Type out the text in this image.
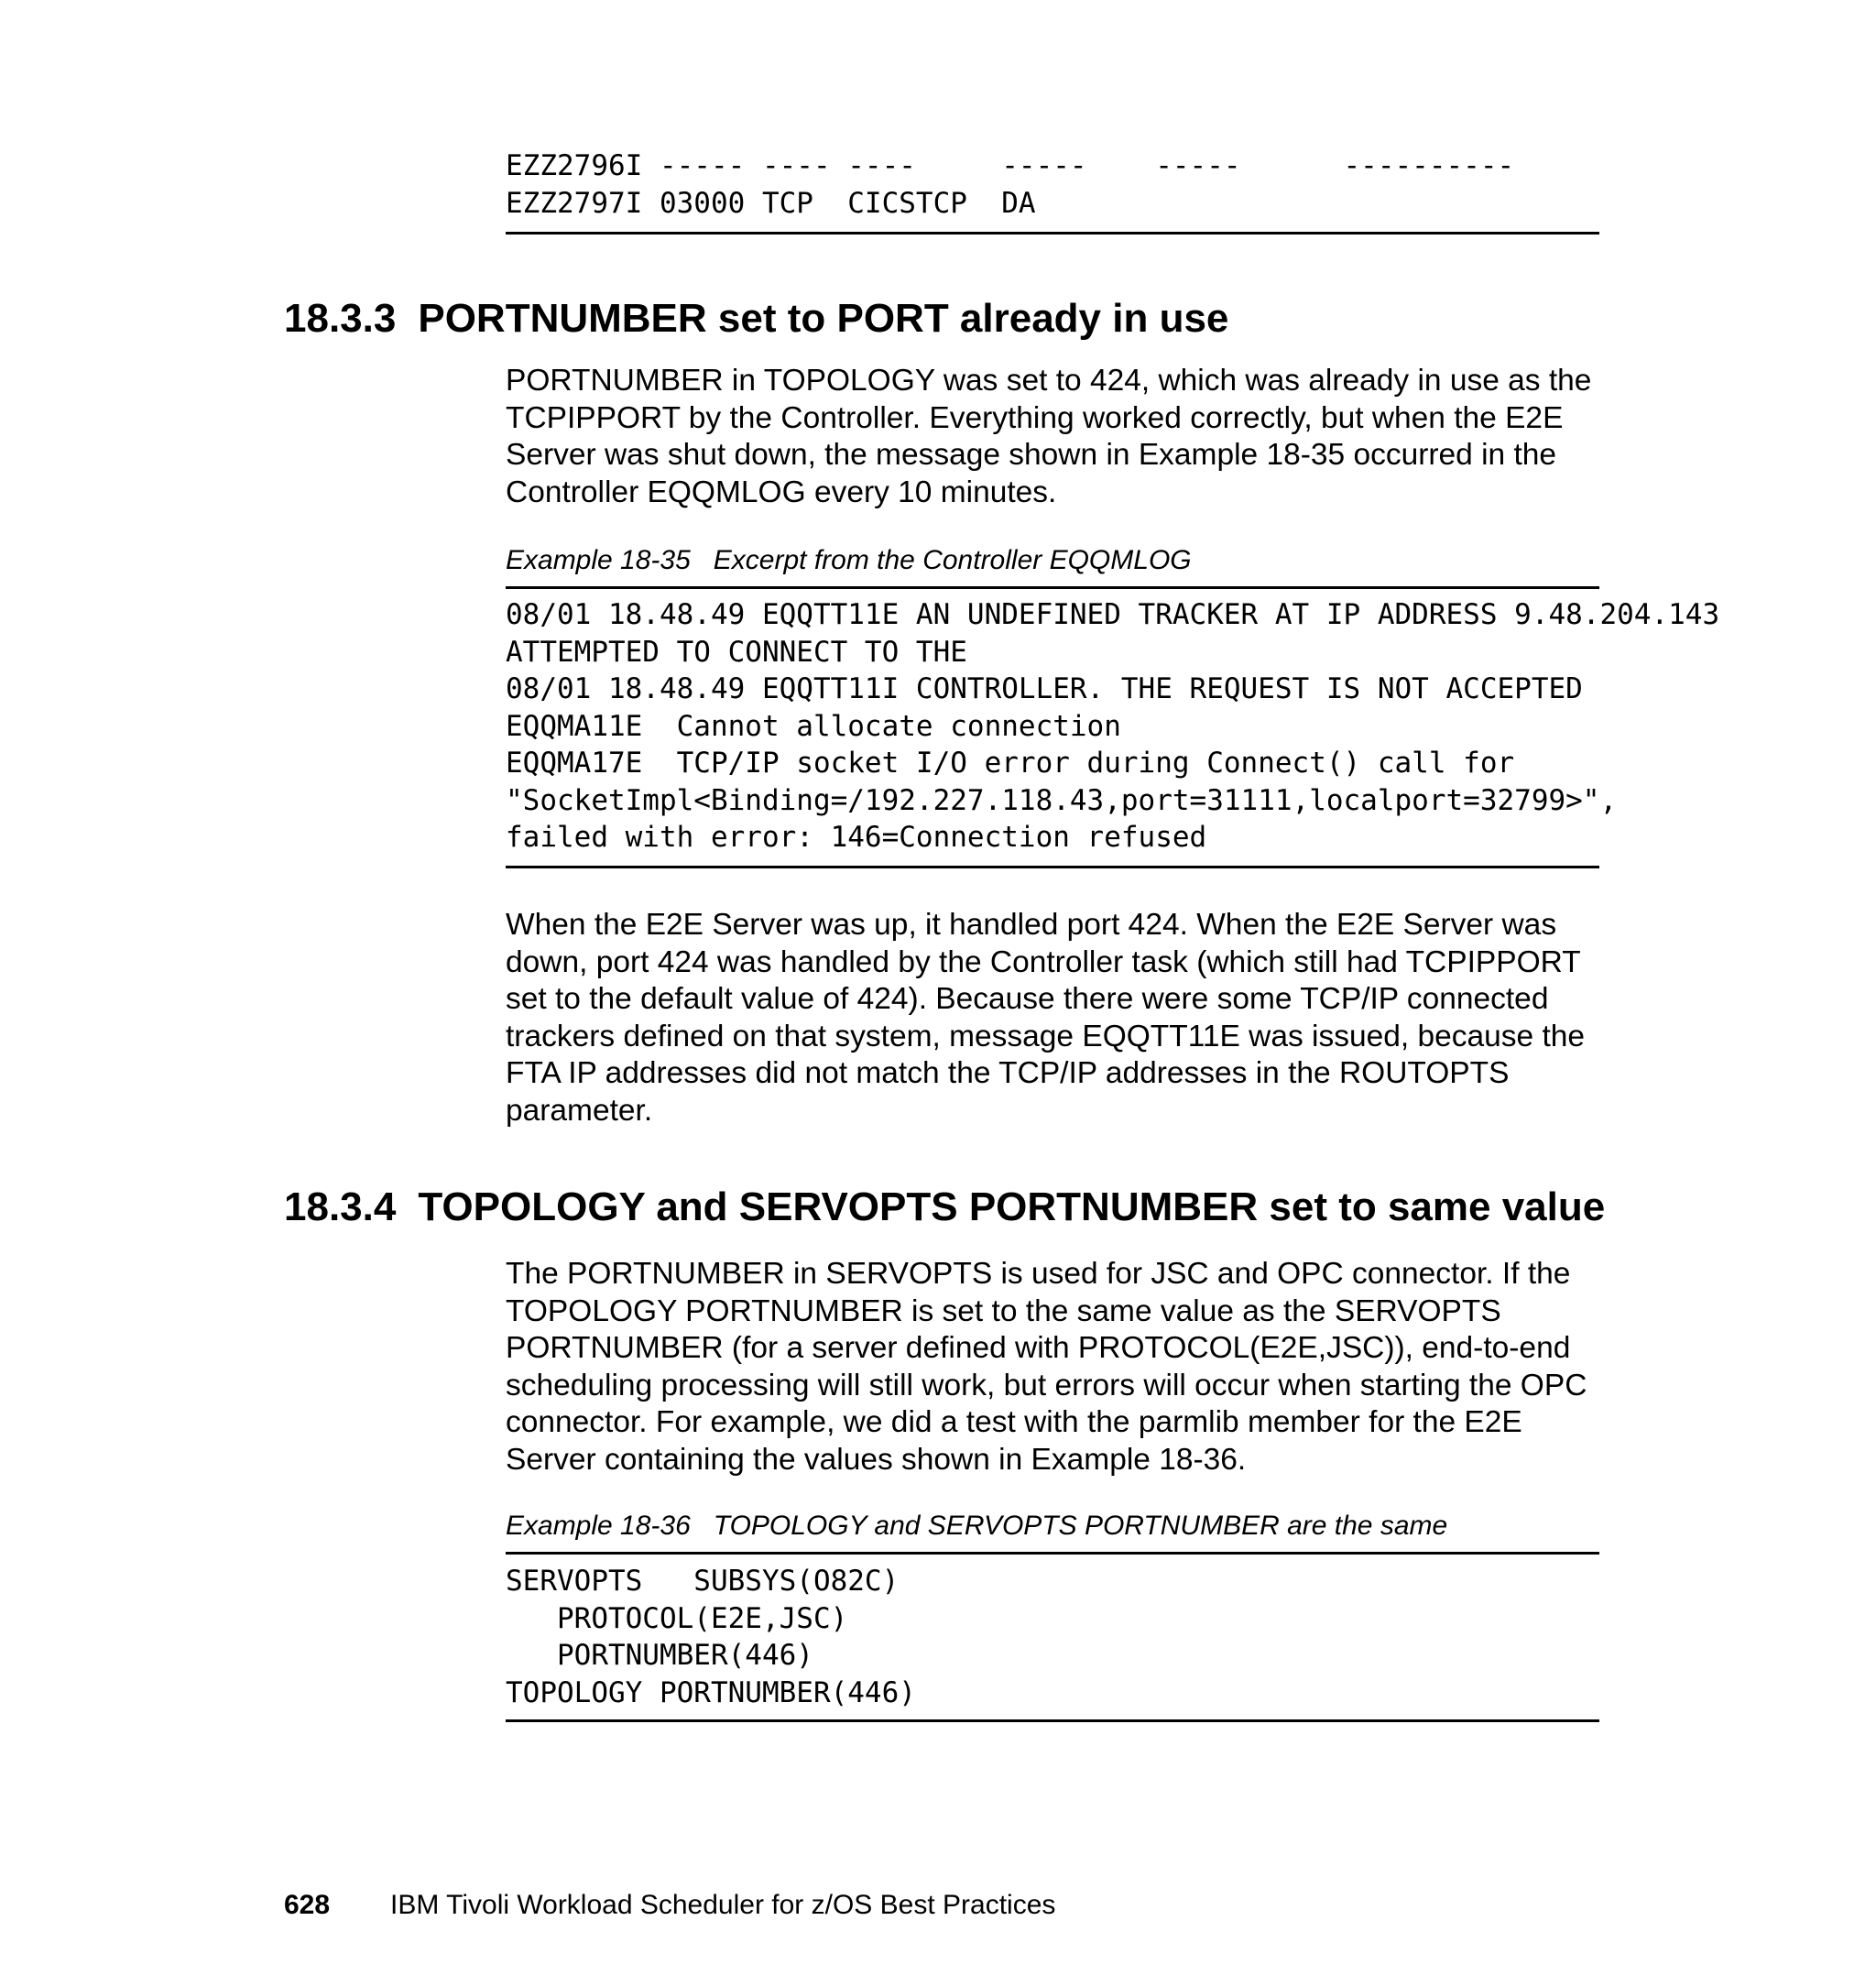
EZZ2796I ----- ---- ----     -----    -----      ----------
EZZ2797I 03000 TCP  CICSTCP  DA
18.3.3 PORTNUMBER set to PORT already in use
PORTNUMBER in TOPOLOGY was set to 424, which was already in use as the
TCPIPPORT by the Controller. Everything worked correctly, but when the E2E
Server was shut down, the message shown in Example 18-35 occurred in the
Controller EQQMLOG every 10 minutes.
Example 18-35   Excerpt from the Controller EQQMLOG
08/01 18.48.49 EQQTT11E AN UNDEFINED TRACKER AT IP ADDRESS 9.48.204.143
ATTEMPTED TO CONNECT TO THE
08/01 18.48.49 EQQTT11I CONTROLLER. THE REQUEST IS NOT ACCEPTED
EQQMA11E  Cannot allocate connection
EQQMA17E  TCP/IP socket I/O error during Connect() call for
"SocketImpl<Binding=/192.227.118.43,port=31111,localport=32799>",
failed with error: 146=Connection refused
When the E2E Server was up, it handled port 424. When the E2E Server was
down, port 424 was handled by the Controller task (which still had TCPIPPORT
set to the default value of 424). Because there were some TCP/IP connected
trackers defined on that system, message EQQTT11E was issued, because the
FTA IP addresses did not match the TCP/IP addresses in the ROUTOPTS
parameter.
18.3.4 TOPOLOGY and SERVOPTS PORTNUMBER set to same value
The PORTNUMBER in SERVOPTS is used for JSC and OPC connector. If the
TOPOLOGY PORTNUMBER is set to the same value as the SERVOPTS
PORTNUMBER (for a server defined with PROTOCOL(E2E,JSC)), end-to-end
scheduling processing will still work, but errors will occur when starting the OPC
connector. For example, we did a test with the parmlib member for the E2E
Server containing the values shown in Example 18-36.
Example 18-36   TOPOLOGY and SERVOPTS PORTNUMBER are the same
SERVOPTS   SUBSYS(O82C)
PROTOCOL(E2E,JSC)
PORTNUMBER(446)
TOPOLOGY PORTNUMBER(446)
628 IBM Tivoli Workload Scheduler for z/OS Best Practices
